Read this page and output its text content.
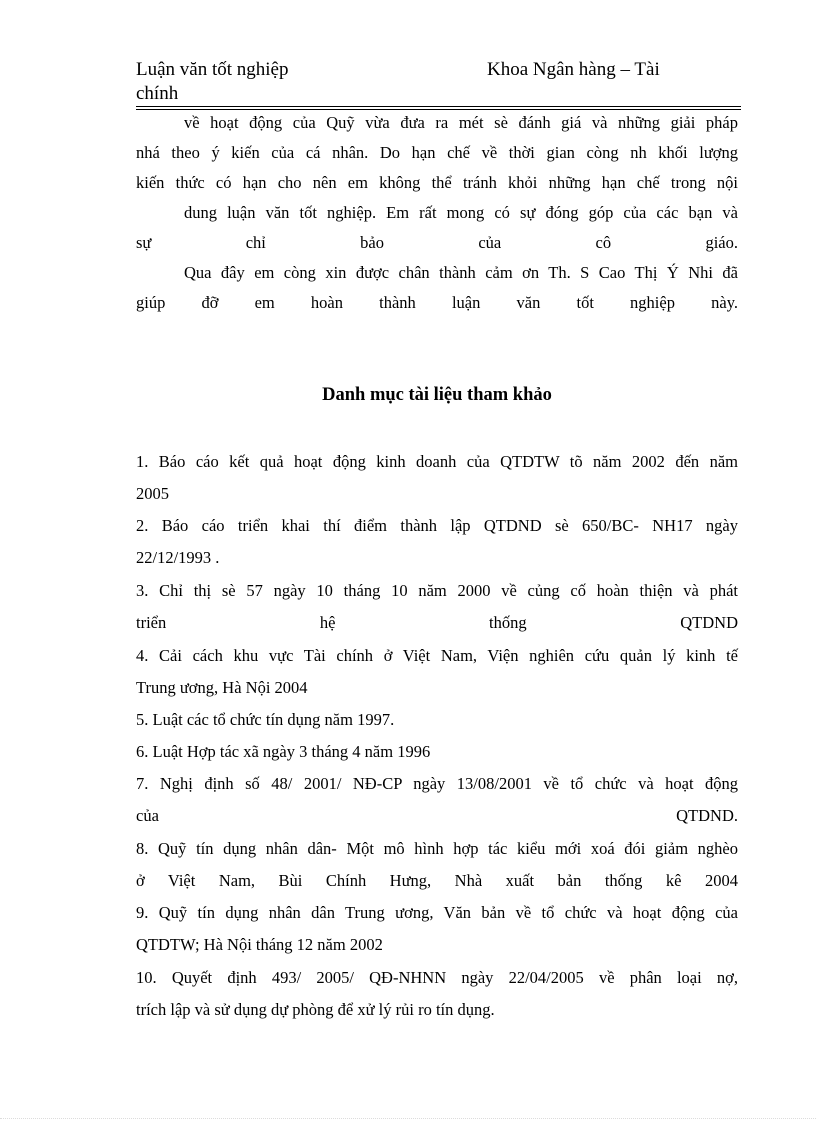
Luận văn tốt nghiệp
chính
Khoa Ngân hàng – Tài
về hoạt động của Quỹ vừa đưa ra mét sè đánh giá và những giải pháp
nhá theo ý kiến của cá nhân. Do hạn chế về thời gian còng nh khối lượng
kiến thức có hạn cho nên em không thể tránh khỏi những hạn chế trong nội
dung luận văn tốt nghiệp. Em rất mong có sự đóng góp của các bạn và
sự chỉ bảo của cô giáo.
Qua đây em còng xin được chân thành cảm ơn Th. S Cao Thị Ý Nhi đã
giúp đỡ em hoàn thành luận văn tốt nghiệp này.
Danh mục tài liệu tham khảo
1. Báo cáo kết quả hoạt động kinh doanh của QTDTW tõ năm 2002 đến năm
2005
2. Báo cáo triển khai thí điểm thành lập QTDND sè 650/BC- NH17 ngày
22/12/1993 .
3. Chỉ thị sè 57 ngày 10 tháng 10 năm 2000 về củng cố hoàn thiện và phát
triển hệ thống QTDND
4. Cải cách khu vực Tài chính ở Việt Nam, Viện nghiên cứu quản lý kinh tế
Trung ương, Hà Nội 2004
5. Luật các tổ chức tín dụng năm 1997.
6. Luật Hợp tác xã ngày 3 tháng 4 năm 1996
7. Nghị định số 48/ 2001/ NĐ-CP ngày 13/08/2001 về tổ chức và hoạt động
của QTDND.
8. Quỹ tín dụng nhân dân- Một mô hình hợp tác kiểu mới xoá đói giảm nghèo
ở Việt Nam, Bùi Chính Hưng, Nhà xuất bản thống kê 2004
9. Quỹ tín dụng nhân dân Trung ương, Văn bản về tổ chức và hoạt động của
QTDTW; Hà Nội tháng 12 năm 2002
10. Quyết định 493/ 2005/ QĐ-NHNN ngày 22/04/2005 về phân loại nợ,
trích lập và sử dụng dự phòng để xử lý rủi ro tín dụng.
